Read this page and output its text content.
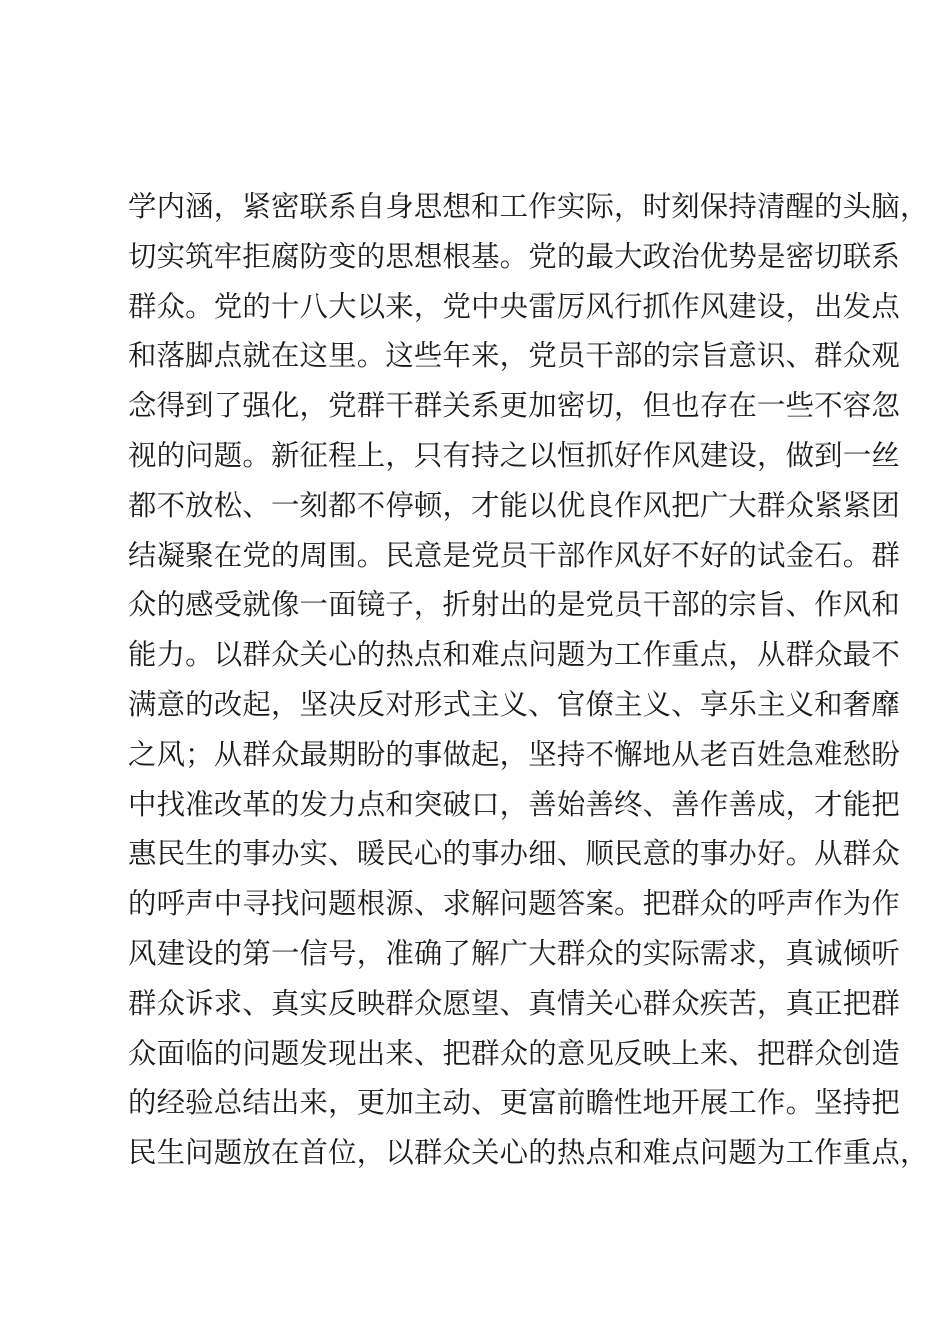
学内涵，紧密联系自身思想和工作实际，时刻保持清醒的头脑，
切实筑牢拒腐防变的思想根基。党的最大政治优势是密切联系
群众。党的十八大以来，党中央雷厉风行抓作风建设，出发点
和落脚点就在这里。这些年来，党员干部的宗旨意识、群众观
念得到了强化，党群干群关系更加密切，但也存在一些不容忽
视的问题。新征程上，只有持之以恒抓好作风建设，做到一丝
都不放松、一刻都不停顿，才能以优良作风把广大群众紧紧团
结凝聚在党的周围。民意是党员干部作风好不好的试金石。群
众的感受就像一面镜子，折射出的是党员干部的宗旨、作风和
能力。以群众关心的热点和难点问题为工作重点，从群众最不
满意的改起，坚决反对形式主义、官僚主义、享乐主义和奢靡
之风；从群众最期盼的事做起，坚持不懈地从老百姓急难愁盼
中找准改革的发力点和突破口，善始善终、善作善成，才能把
惠民生的事办实、暖民心的事办细、顺民意的事办好。从群众
的呼声中寻找问题根源、求解问题答案。把群众的呼声作为作
风建设的第一信号，准确了解广大群众的实际需求，真诚倾听
群众诉求、真实反映群众愿望、真情关心群众疾苦，真正把群
众面临的问题发现出来、把群众的意见反映上来、把群众创造
的经验总结出来，更加主动、更富前瞻性地开展工作。坚持把
民生问题放在首位，以群众关心的热点和难点问题为工作重点，
